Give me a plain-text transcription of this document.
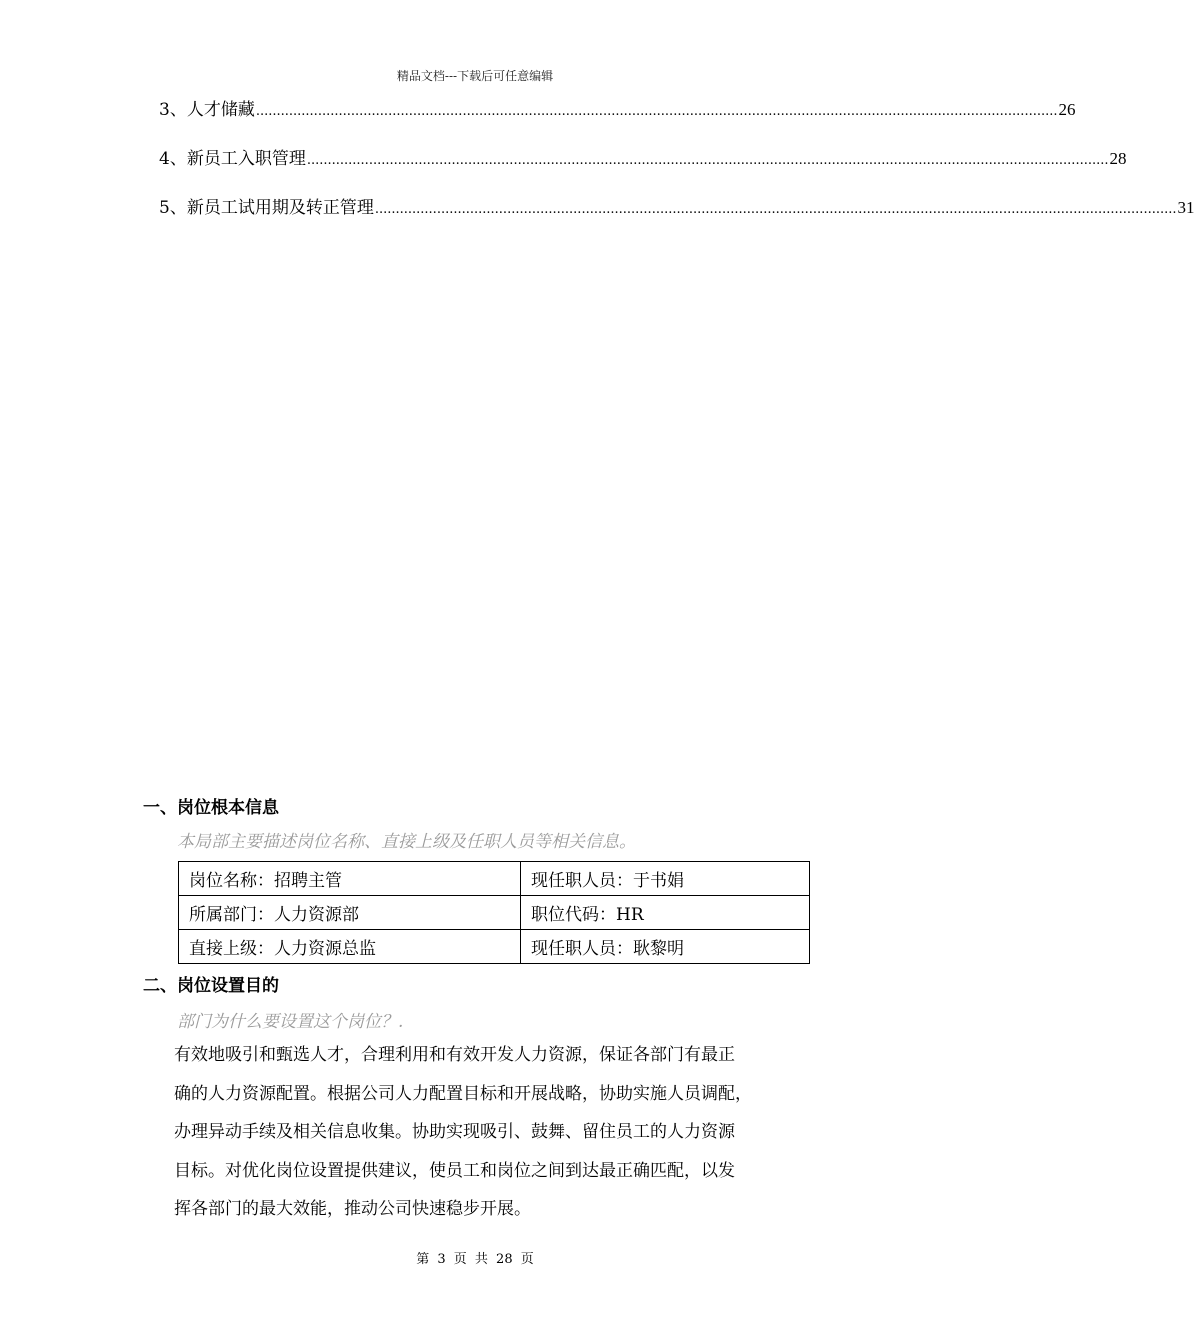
精品文档---下载后可任意编辑
3、 人才储藏 .................................................................................................................................................................................................. 26
4、 新员工入职管理 .................................................................................................................................................................................................. 28
5、 新员工试用期及转正管理 .................................................................................................................................................................................................. 31
一、岗位根本信息
本局部主要描述岗位名称、直接上级及任职人员等相关信息。
岗位名称：招聘主管	现任职人员：于书娟
所属部门：人力资源部	职位代码：HR
直接上级：人力资源总监	现任职人员：耿黎明
二、岗位设置目的
部门为什么要设置这个岗位？.
有效地吸引和甄选人才，合理利用和有效开发人力资源，保证各部门有最正
确的人力资源配置。根据公司人力配置目标和开展战略，协助实施人员调配，
办理异动手续及相关信息收集。协助实现吸引、鼓舞、留住员工的人力资源
目标。对优化岗位设置提供建议，使员工和岗位之间到达最正确匹配，以发
挥各部门的最大效能，推动公司快速稳步开展。
第 3 页 共 28 页
